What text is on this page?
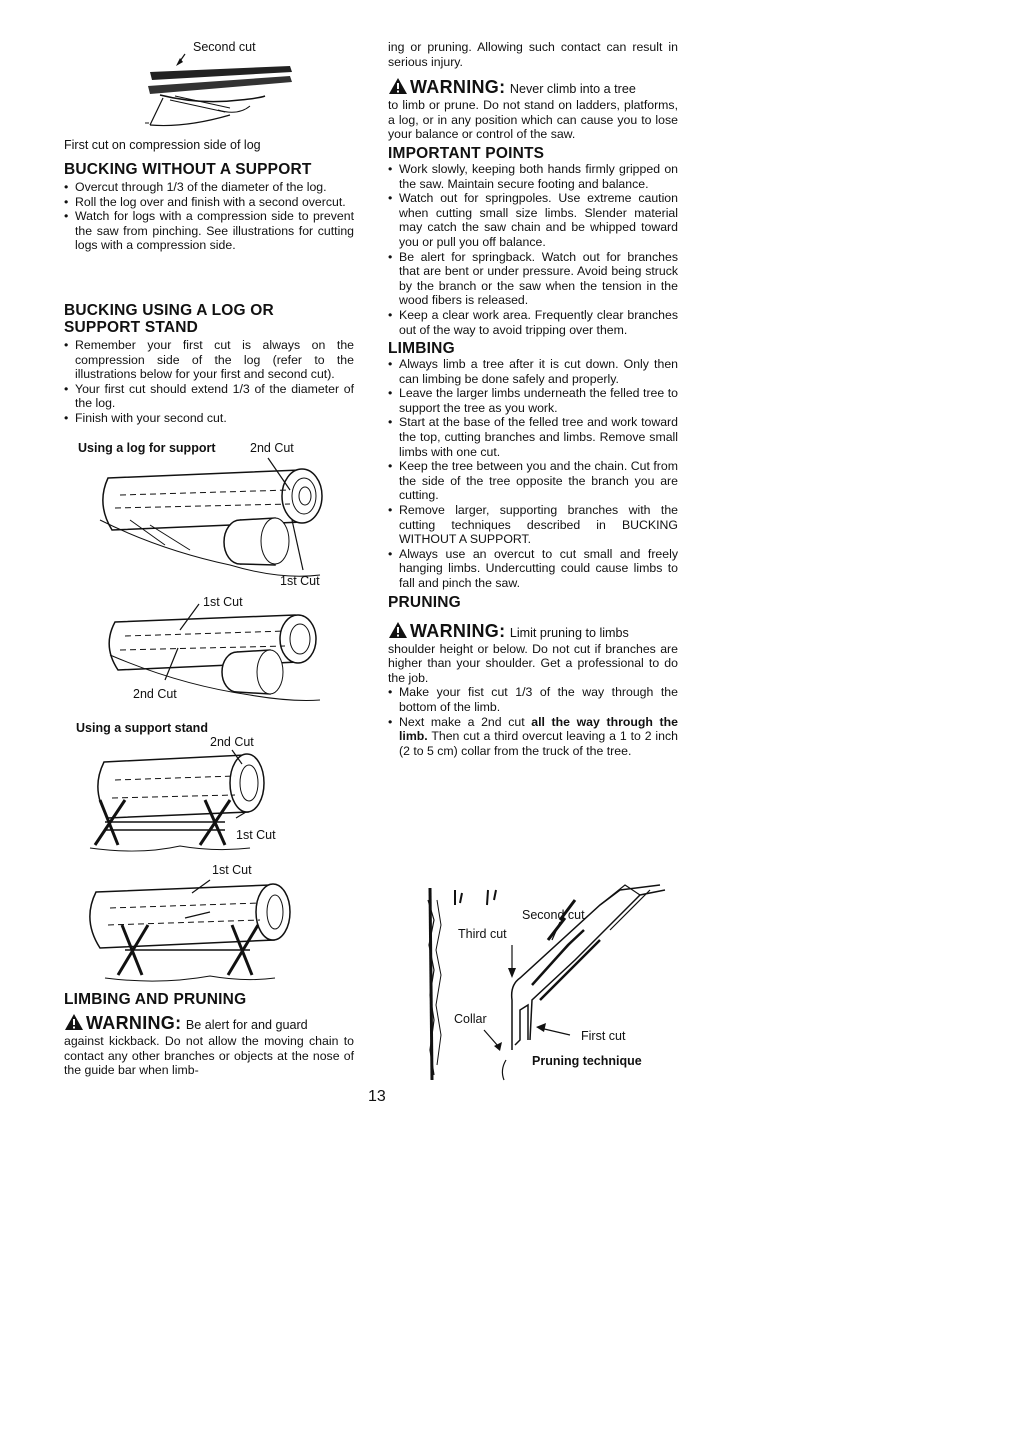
Second cut
First cut on compression side of log
BUCKING WITHOUT A SUPPORT
• Overcut through 1/3 of the diameter of the log.
• Roll the log over and finish with a second overcut.
• Watch for logs with a compression side to prevent the saw from pinching. See illustrations for cutting logs with a compression side.
BUCKING USING A LOG OR SUPPORT STAND
• Remember your first cut is always on the compression side of the log (refer to the illustrations below for your first and second cut).
• Your first cut should extend 1/3 of the diameter of the log.
• Finish with your second cut.
Using a log for support	2nd Cut
1st Cut
1st Cut
2nd Cut
Using a support stand
2nd Cut
1st Cut
1st Cut
LIMBING AND PRUNING
WARNING: Be alert for and guard

against kickback. Do not allow the moving chain to contact any other branches or objects at the nose of the guide bar when limb-

ing or pruning. Allowing such contact can result in serious injury.

WARNING: Never climb into a tree

to limb or prune. Do not stand on ladders, platforms, a log, or in any position which can cause you to lose your balance or control of the saw.

IMPORTANT POINTS
• Work slowly, keeping both hands firmly gripped on the saw. Maintain secure footing and balance.
• Watch out for springpoles. Use extreme caution when cutting small size limbs. Slender material may catch the saw chain and be whipped toward you or pull you off balance.
• Be alert for springback. Watch out for branches that are bent or under pressure. Avoid being struck by the branch or the saw when the tension in the wood fibers is released.
• Keep a clear work area. Frequently clear branches out of the way to avoid tripping over them.
LIMBING
• Always limb a tree after it is cut down. Only then can limbing be done safely and properly.
• Leave the larger limbs underneath the felled tree to support the tree as you work.
• Start at the base of the felled tree and work toward the top, cutting branches and limbs. Remove small limbs with one cut.
• Keep the tree between you and the chain. Cut from the side of the tree opposite the branch you are cutting.
• Remove larger, supporting branches with the cutting techniques described in BUCKING WITHOUT A SUPPORT.
• Always use an overcut to cut small and freely hanging limbs. Undercutting could cause limbs to fall and pinch the saw.
PRUNING
WARNING: Limit pruning to limbs

shoulder height or below. Do not cut if branches are higher than your shoulder. Get a professional to do the job.

• Make your fist cut 1/3 of the way through the bottom of the limb.
• Next make a 2nd cut all the way through the limb. Then cut a third overcut leaving a 1 to 2 inch (2 to 5 cm) collar from the truck of the tree.
Second cut
Third cut
Collar
First cut
Pruning technique
13
